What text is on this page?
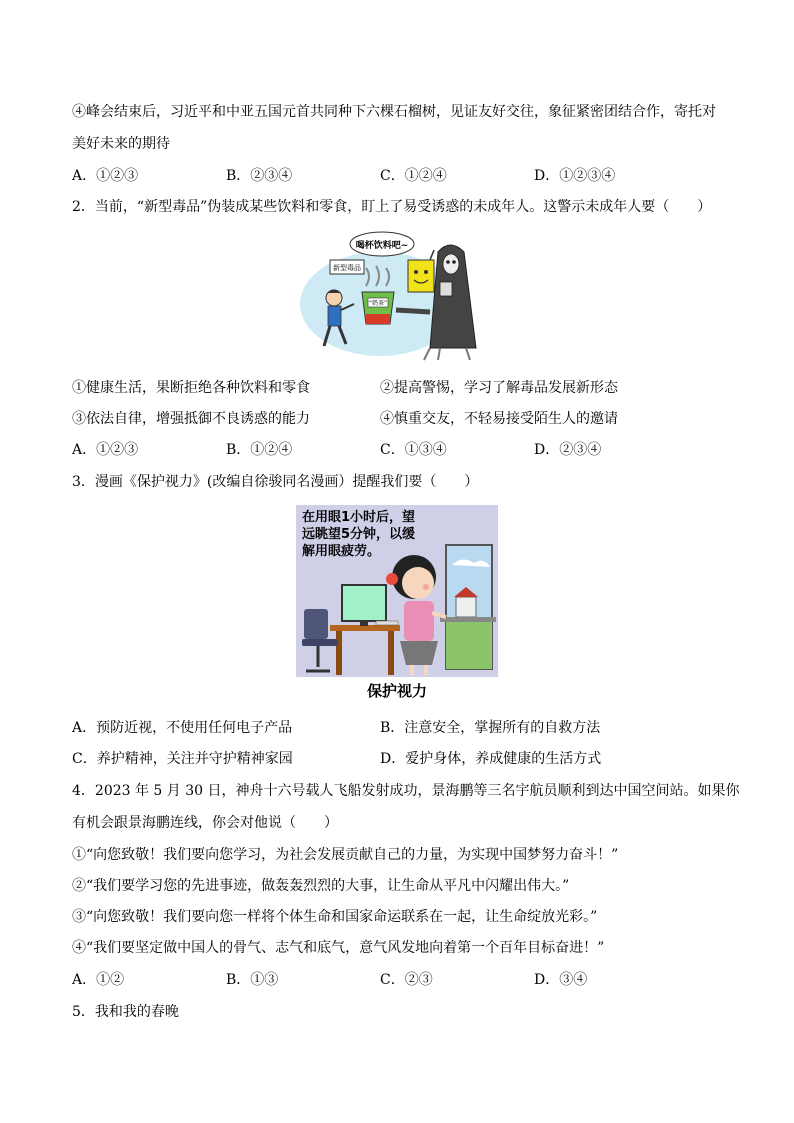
④峰会结束后，习近平和中亚五国元首共同种下六棵石榴树，见证友好交往，象征紧密团结合作，寄托对
美好未来的期待
A．①②③	B．②③④	C．①②④	D．①②③④
2．当前，“新型毒品”伪装成某些饮料和零食，盯上了易受诱惑的未成年人。这警示未成年人要（　　）
喝杯饮料吧~
新型毒品
“奶茶”
①健康生活，果断拒绝各种饮料和零食	②提高警惕，学习了解毒品发展新形态
③依法自律，增强抵御不良诱惑的能力	④慎重交友，不轻易接受陌生人的邀请
A．①②③	B．①②④	C．①③④	D．②③④
3．漫画《保护视力》(改编自徐骏同名漫画）提醒我们要（　　）
在用眼1小时后，望
远眺望5分钟，以缓
解用眼疲劳。
保护视力
A．预防近视，不使用任何电子产品	B．注意安全，掌握所有的自救方法
C．养护精神，关注并守护精神家园	D．爱护身体，养成健康的生活方式
4．2023 年 5 月 30 日，神舟十六号载人飞船发射成功，景海鹏等三名宇航员顺利到达中国空间站。如果你
有机会跟景海鹏连线，你会对他说（　　）
①“向您致敬！我们要向您学习，为社会发展贡献自己的力量，为实现中国梦努力奋斗！”
②“我们要学习您的先进事迹，做轰轰烈烈的大事，让生命从平凡中闪耀出伟大。”
③“向您致敬！我们要向您一样将个体生命和国家命运联系在一起，让生命绽放光彩。”
④“我们要坚定做中国人的骨气、志气和底气，意气风发地向着第一个百年目标奋进！”
A．①②	B．①③	C．②③	D．③④
5．我和我的春晚
